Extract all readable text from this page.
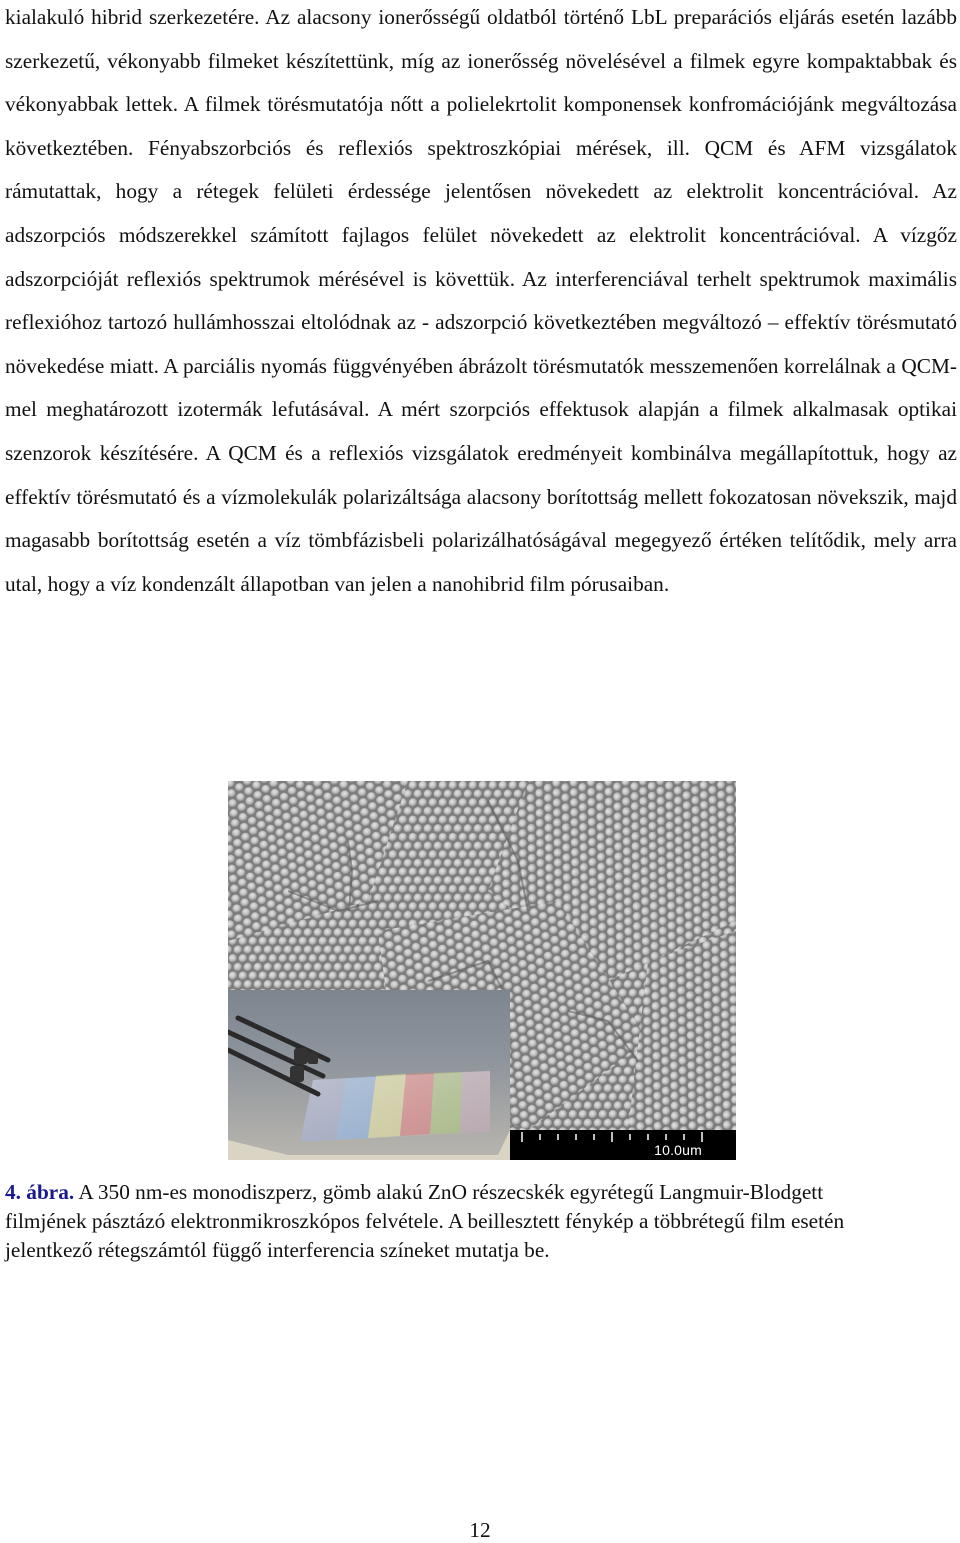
kialakuló hibrid szerkezetére. Az alacsony ionerősségű oldatból történő LbL preparációs eljárás esetén lazább szerkezetű, vékonyabb filmeket készítettünk, míg az ionerősség növelésével a filmek egyre kompaktabbak és vékonyabbak lettek. A filmek törésmutatója nőtt a polielekrtolit komponensek konfromációjánk megváltozása következtében. Fényabszorbciós és reflexiós spektroszkópiai mérések, ill. QCM és AFM vizsgálatok rámutattak, hogy a rétegek felületi érdessége jelentősen növekedett az elektrolit koncentrációval. Az adszorpciós módszerekkel számított fajlagos felület növekedett az elektrolit koncentrációval. A vízgőz adszorpcióját reflexiós spektrumok mérésével is követtük. Az interferenciával terhelt spektrumok maximális reflexióhoz tartozó hullámhosszai eltolódnak az - adszorpció következtében megváltozó – effektív törésmutató növekedése miatt. A parciális nyomás függvényében ábrázolt törésmutatók messzemenően korrelálnak a QCM-mel meghatározott izotermák lefutásával. A mért szorpciós effektusok alapján a filmek alkalmasak optikai szenzorok készítésére. A QCM és a reflexiós vizsgálatok eredményeit kombinálva megállapítottuk, hogy az effektív törésmutató és a vízmolekulák polarizáltsága alacsony borítottság mellett fokozatosan növekszik, majd magasabb borítottság esetén a víz tömbfázisbeli polarizálhatóságával megegyező értéken telítődik, mely arra utal, hogy a víz kondenzált állapotban van jelen a nanohibrid film pórusaiban.

10.0um

4. ábra. A 350 nm-es monodiszperz, gömb alakú ZnO részecskék egyrétegű Langmuir-Blodgett filmjének pásztázó elektronmikroszkópos felvétele. A beillesztett fénykép a többrétegű film esetén jelentkező rétegszámtól függő interferencia színeket mutatja be.

12
